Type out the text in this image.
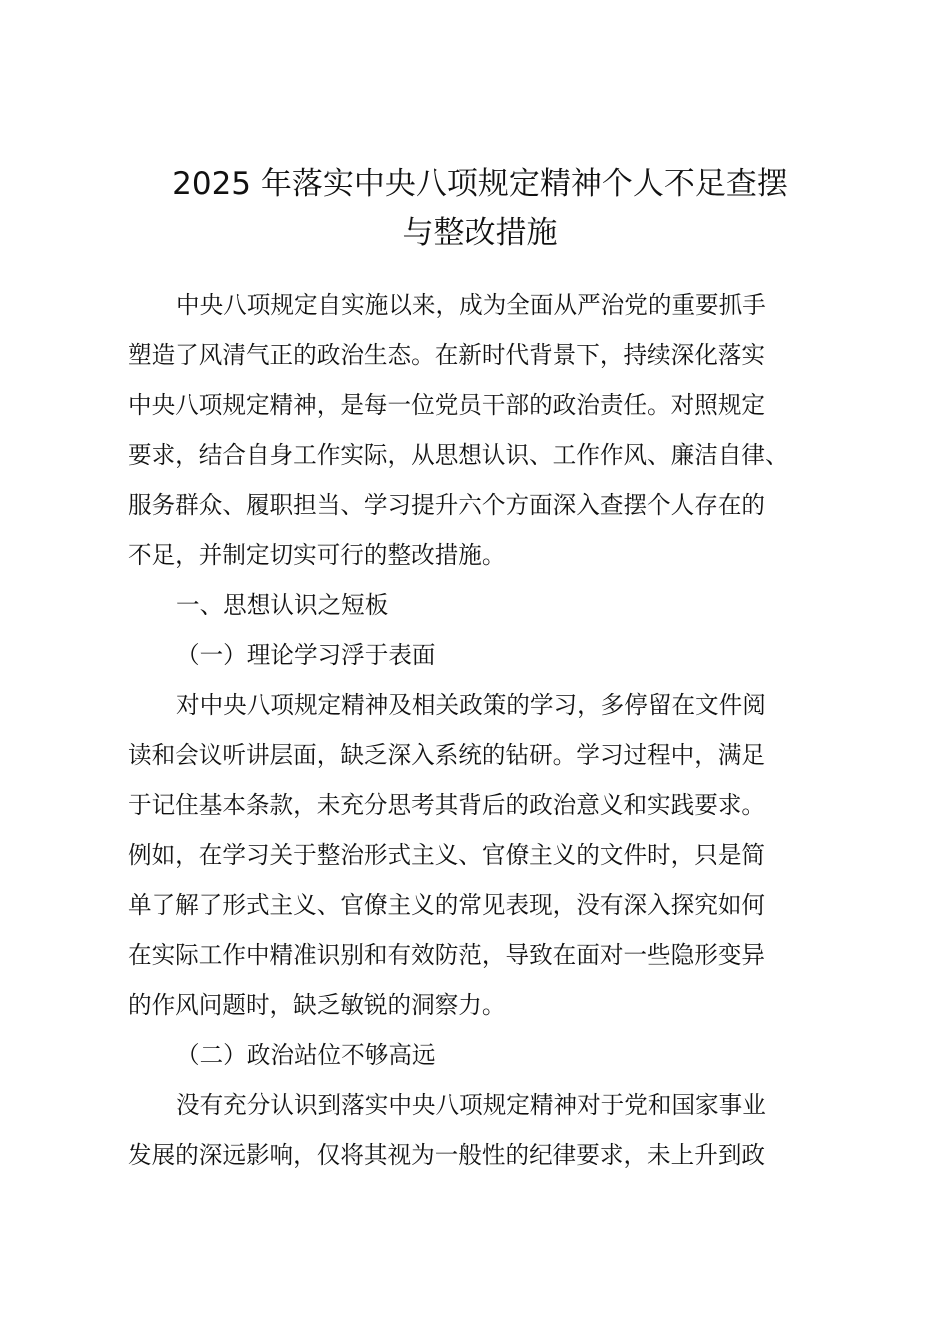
2025 年落实中央八项规定精神个人不足查摆
与整改措施
中央八项规定自实施以来，成为全面从严治党的重要抓手
塑造了风清气正的政治生态。在新时代背景下，持续深化落实
中央八项规定精神，是每一位党员干部的政治责任。对照规定
要求，结合自身工作实际，从思想认识、工作作风、廉洁自律、
服务群众、履职担当、学习提升六个方面深入查摆个人存在的
不足，并制定切实可行的整改措施。
一、思想认识之短板
（一）理论学习浮于表面
对中央八项规定精神及相关政策的学习，多停留在文件阅
读和会议听讲层面，缺乏深入系统的钻研。学习过程中，满足
于记住基本条款，未充分思考其背后的政治意义和实践要求。
例如，在学习关于整治形式主义、官僚主义的文件时，只是简
单了解了形式主义、官僚主义的常见表现，没有深入探究如何
在实际工作中精准识别和有效防范，导致在面对一些隐形变异
的作风问题时，缺乏敏锐的洞察力。
（二）政治站位不够高远
没有充分认识到落实中央八项规定精神对于党和国家事业
发展的深远影响，仅将其视为一般性的纪律要求，未上升到政
